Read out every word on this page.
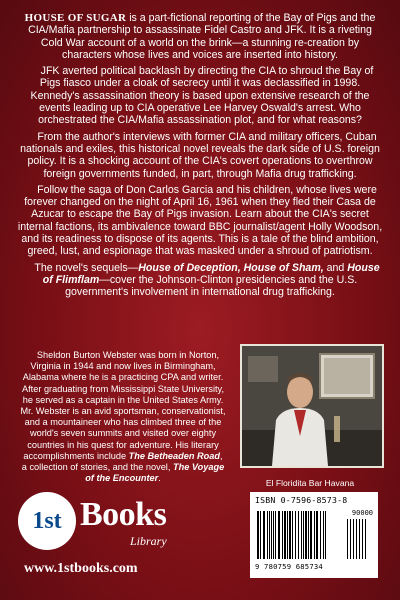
HOUSE OF SUGAR is a part-fictional reporting of the Bay of Pigs and the CIA/Mafia partnership to assassinate Fidel Castro and JFK. It is a riveting Cold War account of a world on the brink—a stunning re-creation by characters whose lives and voices are inserted into history.

JFK averted political backlash by directing the CIA to shroud the Bay of Pigs fiasco under a cloak of secrecy until it was declassified in 1998. Kennedy's assassination theory is based upon extensive research of the events leading up to CIA operative Lee Harvey Oswald's arrest. Who orchestrated the CIA/Mafia assassination plot, and for what reasons?

From the author's interviews with former CIA and military officers, Cuban nationals and exiles, this historical novel reveals the dark side of U.S. foreign policy. It is a shocking account of the CIA's covert operations to overthrow foreign governments funded, in part, through Mafia drug trafficking.

Follow the saga of Don Carlos Garcia and his children, whose lives were forever changed on the night of April 16, 1961 when they fled their Casa de Azucar to escape the Bay of Pigs invasion. Learn about the CIA's secret internal factions, its ambivalence toward BBC journalist/agent Holly Woodson, and its readiness to dispose of its agents. This is a tale of the blind ambition, greed, lust, and espionage that was masked under a shroud of patriotism.

The novel's sequels—House of Deception, House of Sham, and House of Flimflam—cover the Johnson-Clinton presidencies and the U.S. government's involvement in international drug trafficking.

Sheldon Burton Webster was born in Norton, Virginia in 1944 and now lives in Birmingham, Alabama where he is a practicing CPA and writer. After graduating from Mississippi State University, he served as a captain in the United States Army. Mr. Webster is an avid sportsman, conservationist, and a mountaineer who has climbed three of the world's seven summits and visited over eighty countries in his quest for adventure. His literary accomplishments include The Betheaden Road, a collection of stories, and the novel, The Voyage of the Encounter.	El Floridita Bar Havana
ISBN 0-7596-8573-8
90000
9 780759 685734
1st Books
Library
www.1stbooks.com
